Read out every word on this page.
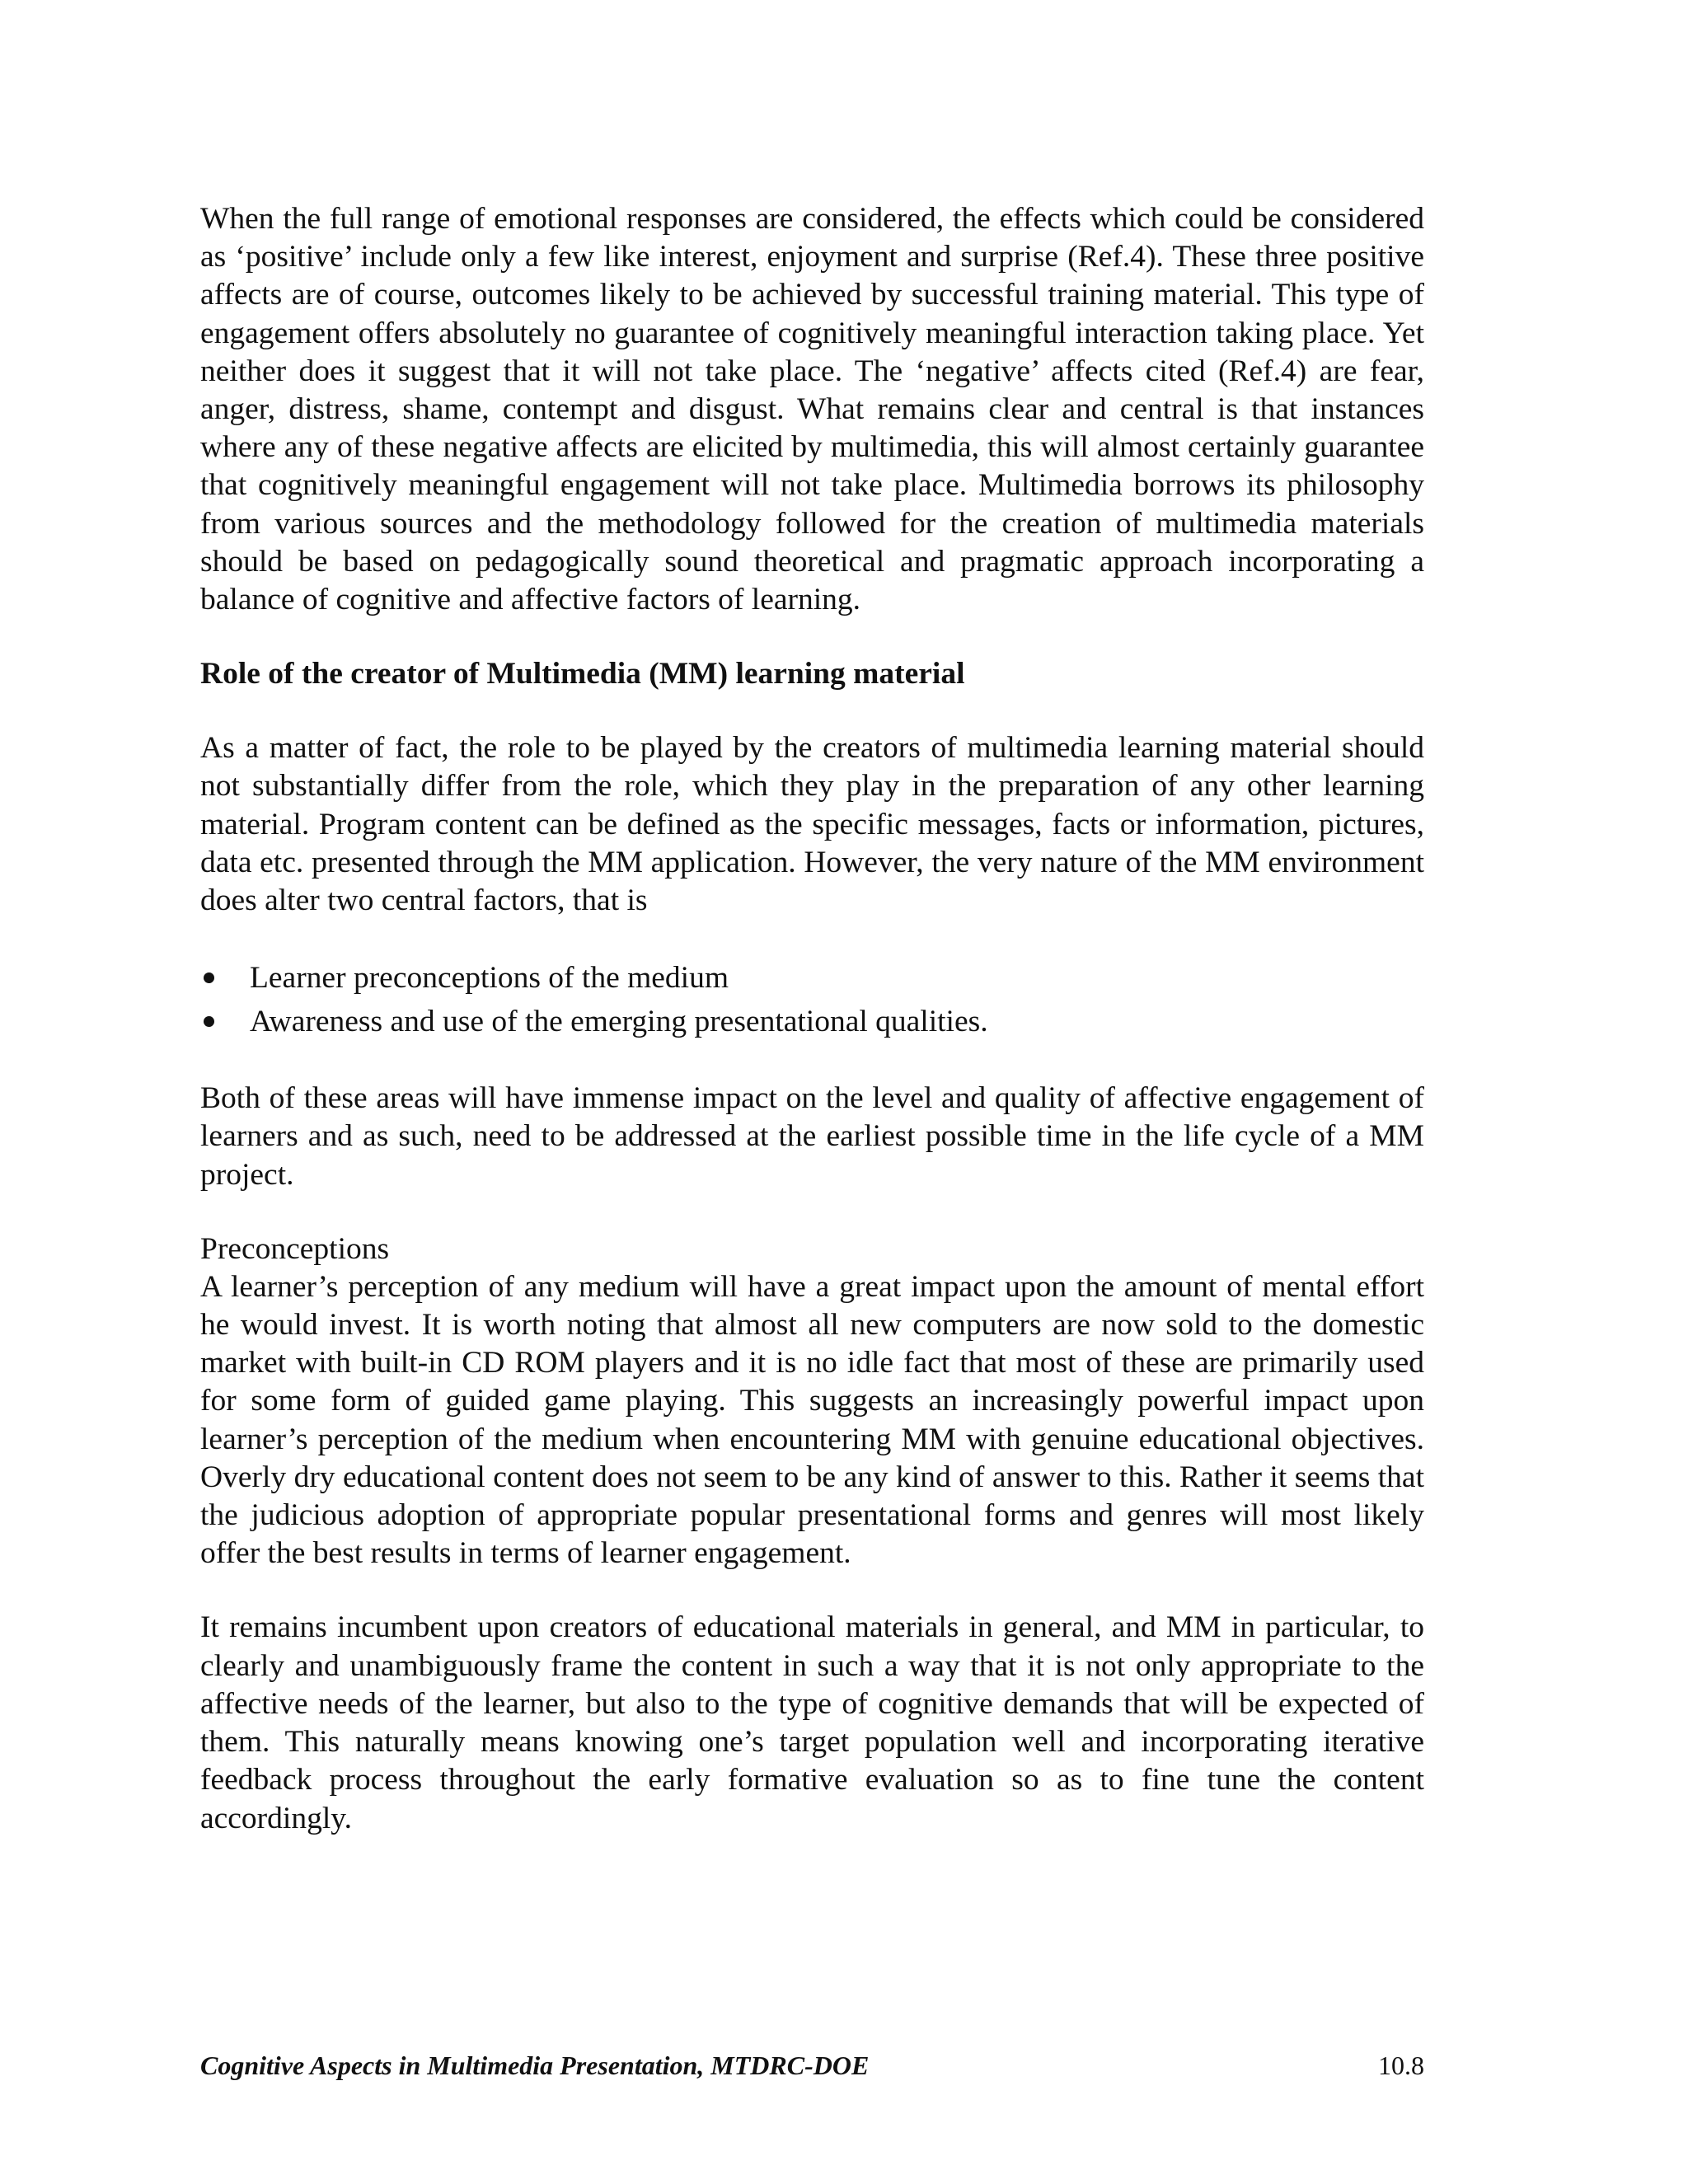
When the full range of emotional responses are considered, the effects which could be considered as ‘positive’ include only a few like interest, enjoyment and surprise (Ref.4). These three positive affects are of course, outcomes likely to be achieved by successful training material. This type of engagement offers absolutely no guarantee of cognitively meaningful interaction taking place. Yet neither does it suggest that it will not take place. The ‘negative’ affects cited (Ref.4) are fear, anger, distress, shame, contempt and disgust. What remains clear and central is that instances where any of these negative affects are elicited by multimedia, this will almost certainly guarantee that cognitively meaningful engagement will not take place. Multimedia borrows its philosophy from various sources and the methodology followed for the creation of multimedia materials should be based on pedagogically sound theoretical and pragmatic approach incorporating a balance of cognitive and affective factors of learning.

Role of the creator of Multimedia (MM) learning material

As a matter of fact, the role to be played by the creators of multimedia learning material should not substantially differ from the role, which they play in the preparation of any other learning material. Program content can be defined as the specific messages, facts or information, pictures, data etc. presented through the MM application. However, the very nature of the MM environment does alter two central factors, that is

Learner preconceptions of the medium
Awareness and use of the emerging presentational qualities.

Both of these areas will have immense impact on the level and quality of affective engagement of learners and as such, need to be addressed at the earliest possible time in the life cycle of a MM project.

Preconceptions

A learner’s perception of any medium will have a great impact upon the amount of mental effort he would invest. It is worth noting that almost all new computers are now sold to the domestic market with built-in CD ROM players and it is no idle fact that most of these are primarily used for some form of guided game playing. This suggests an increasingly powerful impact upon learner’s perception of the medium when encountering MM with genuine educational objectives. Overly dry educational content does not seem to be any kind of answer to this. Rather it seems that the judicious adoption of appropriate popular presentational forms and genres will most likely offer the best results in terms of learner engagement.

It remains incumbent upon creators of educational materials in general, and MM in particular, to clearly and unambiguously frame the content in such a way that it is not only appropriate to the affective needs of the learner, but also to the type of cognitive demands that will be expected of them. This naturally means knowing one’s target population well and incorporating iterative feedback process throughout the early formative evaluation so as to fine tune the content accordingly.

Cognitive Aspects in Multimedia Presentation, MTDRC-DOE	10.8
